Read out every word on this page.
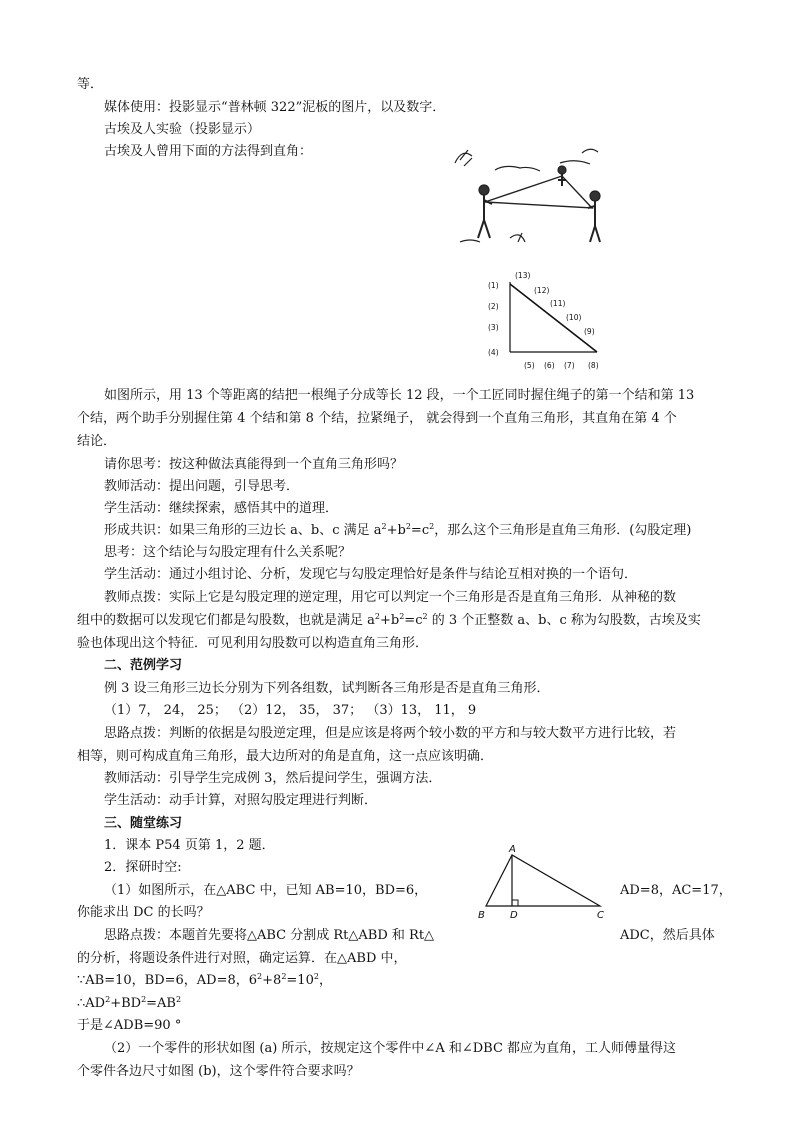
等．
媒体使用：投影显示“普林顿 322”泥板的图片，以及数字．
古埃及人实验（投影显示）
古埃及人曾用下面的方法得到直角：
如图所示，用 13 个等距离的结把一根绳子分成等长 12 段，一个工匠同时握住绳子的第一个结和第 13
个结，两个助手分别握住第 4 个结和第 8 个结，拉紧绳子， 就会得到一个直角三角形，其直角在第 4 个
结论．
请你思考：按这种做法真能得到一个直角三角形吗？
教师活动：提出问题，引导思考．
学生活动：继续探索，感悟其中的道理．
形成共识：如果三角形的三边长 a、b、c 满足 $a^2+b^2=c^2$，那么这个三角形是直角三角形．(勾股定理)
思考：这个结论与勾股定理有什么关系呢？
学生活动：通过小组讨论、分析，发现它与勾股定理恰好是条件与结论互相对换的一个语句．
教师点拨：实际上它是勾股定理的逆定理，用它可以判定一个三角形是否是直角三角形．从神秘的数
组中的数据可以发现它们都是勾股数，也就是满足 $a^2+b^2=c^2$ 的 3 个正整数 a、b、c 称为勾股数，古埃及实
验也体现出这个特征．可见利用勾股数可以构造直角三角形．
二、范例学习
例 3 设三角形三边长分别为下列各组数，试判断各三角形是否是直角三角形．
（1）7， 24， 25； （2）12， 35， 37； （3）13， 11， 9
思路点拨：判断的依据是勾股逆定理，但是应该是将两个较小数的平方和与较大数平方进行比较，若
相等，则可构成直角三角形，最大边所对的角是直角，这一点应该明确．
教师活动：引导学生完成例 3，然后提问学生，强调方法．
学生活动：动手计算，对照勾股定理进行判断．
三、随堂练习
1．课本 P54 页第 1，2 题．
2．探研时空:
（1）如图所示，在△ABC 中，已知 AB=10，BD=6，	AD=8，AC=17，
你能求出 DC 的长吗？
思路点拨：本题首先要将△ABC 分割成 Rt△ABD 和 Rt△	ADC，然后具体
的分析，将题设条件进行对照，确定运算．在△ABD 中，
∵AB=10，BD=6，AD=8，$6^2+8^2=10^2$，
$\therefore AD^2+BD^2=AB^2$
于是∠ADB=90 °
（2）一个零件的形状如图 (a) 所示，按规定这个零件中∠A 和∠DBC 都应为直角，工人师傅量得这
个零件各边尺寸如图 (b)，这个零件符合要求吗？
(1)
(2)
(3)
(4)
(5) (6) (7) (8)
(9)
(10)
(11)
(12)
(13)
A
B	D	C
